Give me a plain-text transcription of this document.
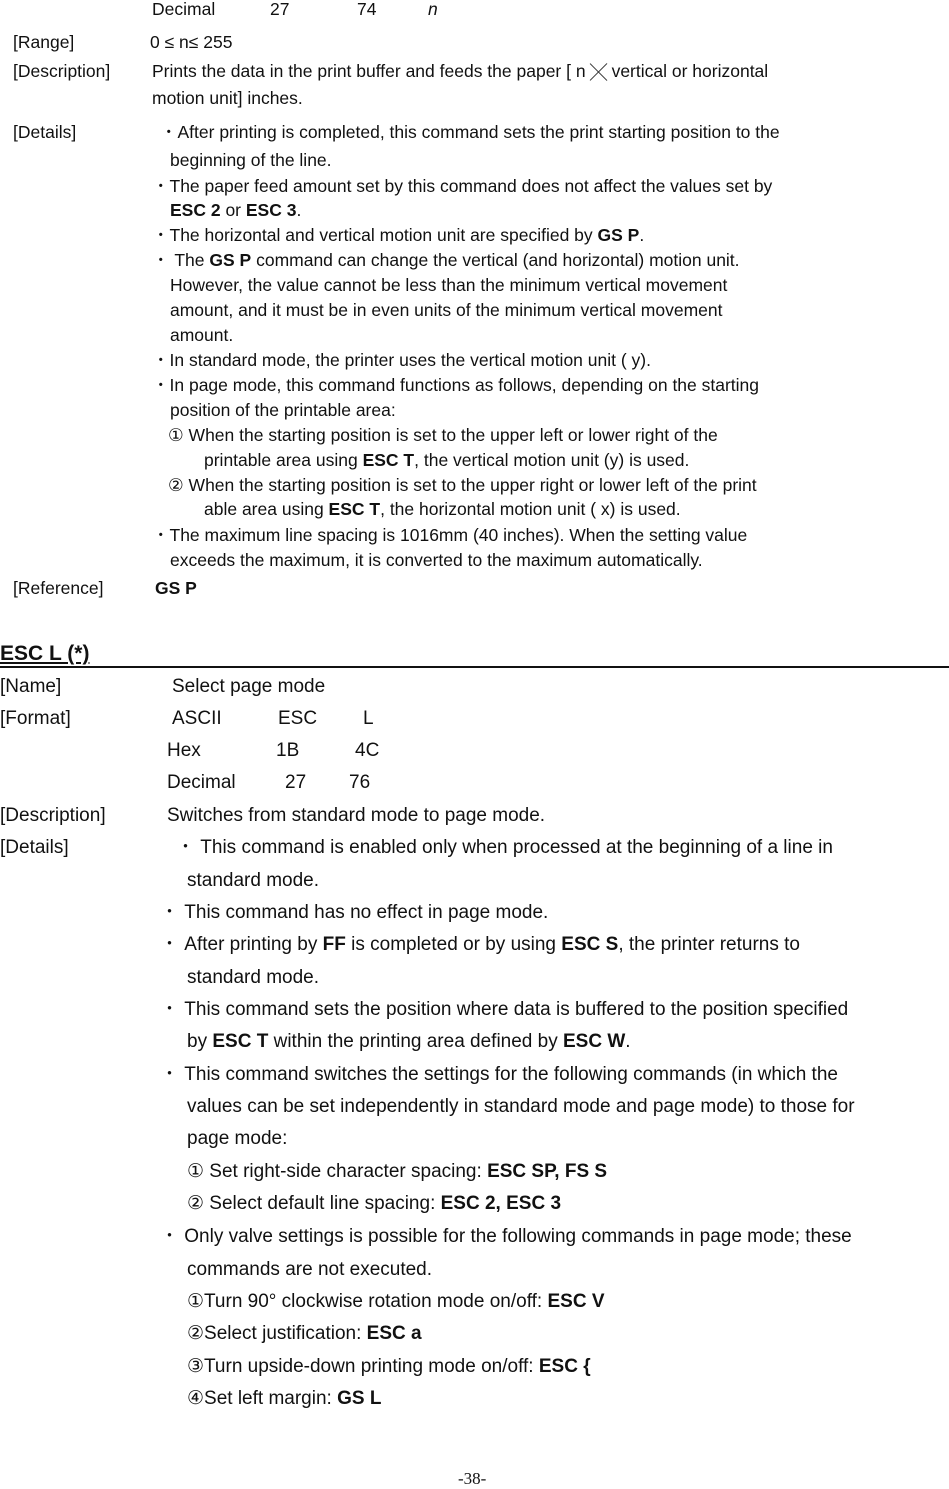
Decimal	27	74	n
[Range]	0 ≤ n≤ 255
[Description] Prints the data in the print buffer and feeds the paper [ n vertical or horizontal
motion unit] inches.
[Details]	・After printing is completed, this command sets the print starting position to the
beginning of the line.
・The paper feed amount set by this command does not affect the values set by
ESC 2 or ESC 3.
・The horizontal and vertical motion unit are specified by GS P.
・ The GS P command can change the vertical (and horizontal) motion unit.
However, the value cannot be less than the minimum vertical movement
amount, and it must be in even units of the minimum vertical movement
amount.
・In standard mode, the printer uses the vertical motion unit ( y).
・In page mode, this command functions as follows, depending on the starting
position of the printable area:
① When the starting position is set to the upper left or lower right of the
printable area using ESC T, the vertical motion unit (y) is used.
② When the starting position is set to the upper right or lower left of the print
able area using ESC T, the horizontal motion unit ( x) is used.
・The maximum line spacing is 1016mm (40 inches). When the setting value
exceeds the maximum, it is converted to the maximum automatically.
[Reference]	GS P
ESC L (*)
[Name]	Select page mode
[Format]	ASCII	ESC L
Hex	1B	4C
Decimal	27 76
[Description]	Switches from standard mode to page mode.
[Details]	・ This command is enabled only when processed at the beginning of a line in
standard mode.
・ This command has no effect in page mode.
・ After printing by FF is completed or by using ESC S, the printer returns to
standard mode.
・ This command sets the position where data is buffered to the position specified
by ESC T within the printing area defined by ESC W.
・ This command switches the settings for the following commands (in which the
values can be set independently in standard mode and page mode) to those for
page mode:
① Set right-side character spacing: ESC SP, FS S
② Select default line spacing: ESC 2, ESC 3
・ Only valve settings is possible for the following commands in page mode; these
commands are not executed.
①Turn 90° clockwise rotation mode on/off: ESC V
②Select justification: ESC a
③Turn upside-down printing mode on/off: ESC {
④Set left margin: GS L
-38-
